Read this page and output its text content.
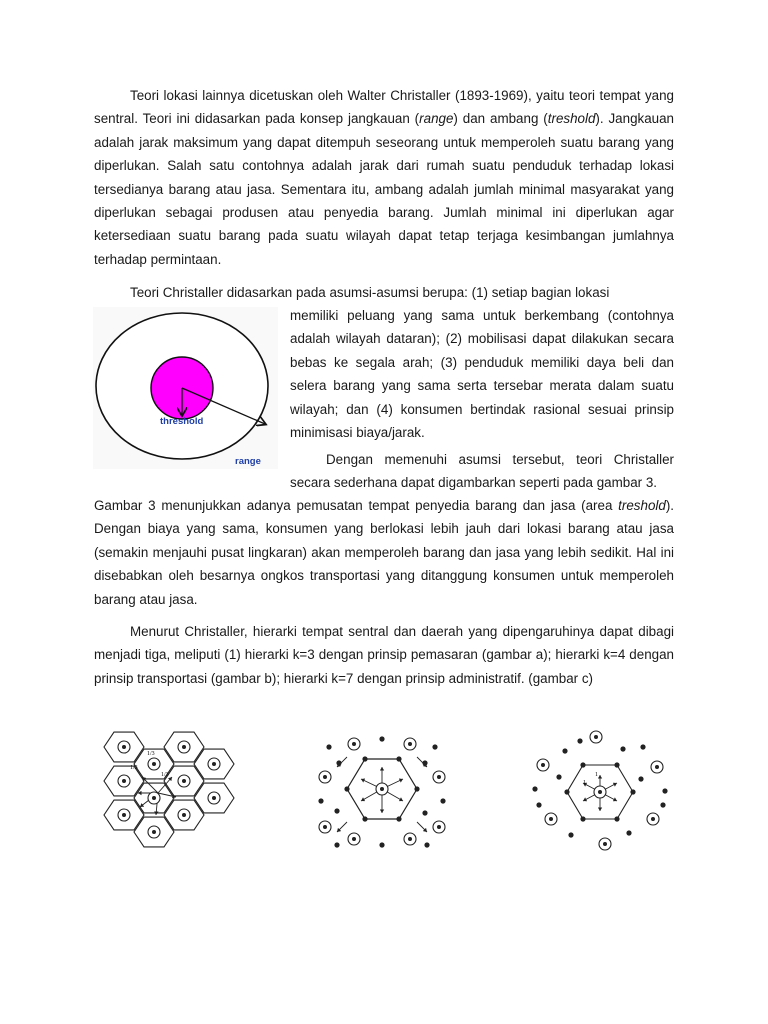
Teori lokasi lainnya dicetuskan oleh Walter Christaller (1893-1969), yaitu teori tempat yang sentral. Teori ini didasarkan pada konsep jangkauan (range) dan ambang (treshold). Jangkauan adalah jarak maksimum yang dapat ditempuh seseorang untuk memperoleh suatu barang yang diperlukan. Salah satu contohnya adalah jarak dari rumah suatu penduduk terhadap lokasi tersedianya barang atau jasa. Sementara itu, ambang adalah jumlah minimal masyarakat yang diperlukan sebagai produsen atau penyedia barang. Jumlah minimal ini diperlukan agar ketersediaan suatu barang pada suatu wilayah dapat tetap terjaga kesimbangan jumlahnya terhadap permintaan.

Teori Christaller didasarkan pada asumsi-asumsi berupa: (1) setiap bagian lokasi

memiliki peluang yang sama untuk berkembang (contohnya adalah wilayah dataran); (2) mobilisasi dapat dilakukan secara bebas ke segala arah; (3) penduduk memiliki daya beli dan selera barang yang sama serta tersebar merata dalam suatu wilayah; dan (4) konsumen bertindak rasional sesuai prinsip minimisasi biaya/jarak.

Dengan memenuhi asumsi tersebut, teori Christaller secara sederhana dapat digambarkan seperti pada gambar 3.

Gambar 3 menunjukkan adanya pemusatan tempat penyedia barang dan jasa (area treshold). Dengan biaya yang sama, konsumen yang berlokasi lebih jauh dari lokasi barang atau jasa (semakin menjauhi pusat lingkaran) akan memperoleh barang dan jasa yang lebih sedikit. Hal ini disebabkan oleh besarnya ongkos transportasi yang ditanggung konsumen untuk memperoleh barang atau jasa.

Menurut Christaller, hierarki tempat sentral dan daerah yang dipengaruhinya dapat dibagi menjadi tiga, meliputi (1) hierarki k=3 dengan prinsip pemasaran (gambar a); hierarki k=4 dengan prinsip transportasi (gambar b); hierarki k=7 dengan prinsip administratif. (gambar c)

threshold
range
1/3
1/3
1/3	1
1
